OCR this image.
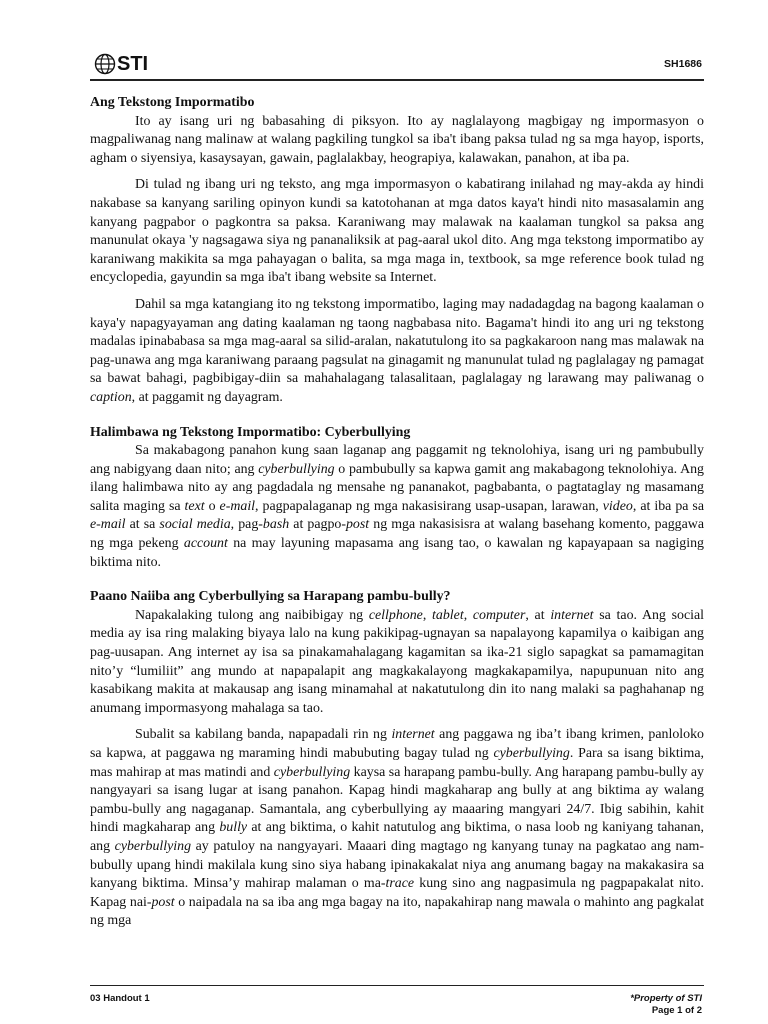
STI	SH1686
Ang Tekstong Impormatibo

Ito ay isang uri ng babasahing di piksyon. Ito ay naglalayong magbigay ng impormasyon o magpaliwanag nang malinaw at walang pagkiling tungkol sa iba't ibang paksa tulad ng sa mga hayop, isports, agham o siyensiya, kasaysayan, gawain, paglalakbay, heograpiya, kalawakan, panahon, at iba pa.

Di tulad ng ibang uri ng teksto, ang mga impormasyon o kabatirang inilahad ng may-akda ay hindi nakabase sa kanyang sariling opinyon kundi sa katotohanan at mga datos kaya't hindi nito masasalamin ang kanyang pagpabor o pagkontra sa paksa. Karaniwang may malawak na kaalaman tungkol sa paksa ang manunulat okaya 'y nagsagawa siya ng pananaliksik at pag-aaral ukol dito. Ang mga tekstong impormatibo ay karaniwang makikita sa mga pahayagan o balita, sa mga maga in, textbook, sa mge reference book tulad ng encyclopedia, gayundin sa mga iba't ibang website sa Internet.

Dahil sa mga katangiang ito ng tekstong impormatibo, laging may nadadagdag na bagong kaalaman o kaya'y napagyayaman ang dating kaalaman ng taong nagbabasa nito. Bagama't hindi ito ang uri ng tekstong madalas ipinababasa sa mga mag-aaral sa silid-aralan, nakatutulong ito sa pagkakaroon nang mas malawak na pag-unawa ang mga karaniwang paraang pagsulat na ginagamit ng manunulat tulad ng paglalagay ng pamagat sa bawat bahagi, pagbibigay-diin sa mahahalagang talasalitaan, paglalagay ng larawang may paliwanag o caption, at paggamit ng dayagram.

Halimbawa ng Tekstong Impormatibo: Cyberbullying

Sa makabagong panahon kung saan laganap ang paggamit ng teknolohiya, isang uri ng pambubully ang nabigyang daan nito; ang cyberbullying o pambubully sa kapwa gamit ang makabagong teknolohiya. Ang ilang halimbawa nito ay ang pagdadala ng mensahe ng pananakot, pagbabanta, o pagtataglay ng masamang salita maging sa text o e-mail, pagpapalaganap ng mga nakasisirang usap-usapan, larawan, video, at iba pa sa e-mail at sa social media, pag-bash at pagpo-post ng mga nakasisisra at walang basehang komento, paggawa ng mga pekeng account na may layuning mapasama ang isang tao, o kawalan ng kapayapaan sa nagiging biktima nito.

Paano Naiiba ang Cyberbullying sa Harapang pambu-bully?

Napakalaking tulong ang naibibigay ng cellphone, tablet, computer, at internet sa tao. Ang social media ay isa ring malaking biyaya lalo na kung pakikipag-ugnayan sa napalayong kapamilya o kaibigan ang pag-uusapan. Ang internet ay isa sa pinakamahalagang kagamitan sa ika-21 siglo sapagkat sa pamamagitan nito’y “lumiliit” ang mundo at napapalapit ang magkakalayong magkakapamilya, napupunuan nito ang kasabikang makita at makausap ang isang minamahal at nakatutulong din ito nang malaki sa paghahanap ng anumang impormasyong mahalaga sa tao.

Subalit sa kabilang banda, napapadali rin ng internet ang paggawa ng iba’t ibang krimen, panloloko sa kapwa, at paggawa ng maraming hindi mabubuting bagay tulad ng cyberbullying. Para sa isang biktima, mas mahirap at mas matindi and cyberbullying kaysa sa harapang pambu-bully. Ang harapang pambu-bully ay nangyayari sa isang lugar at isang panahon. Kapag hindi magkaharap ang bully at ang biktima ay walang pambu-bully ang nagaganap. Samantala, ang cyberbullying ay maaaring mangyari 24/7. Ibig sabihin, kahit hindi magkaharap ang bully at ang biktima, o kahit natutulog ang biktima, o nasa loob ng kaniyang tahanan, ang cyberbullying ay patuloy na nangyayari. Maaari ding magtago ng kanyang tunay na pagkatao ang nam-bubully upang hindi makilala kung sino siya habang ipinakakalat niya ang anumang bagay na makakasira sa kanyang biktima. Minsa’y mahirap malaman o ma-trace kung sino ang nagpasimula ng pagpapakalat nito. Kapag nai-post o naipadala na sa iba ang mga bagay na ito, napakahirap nang mawala o mahinto ang pagkalat ng mga

03 Handout 1	*Property of STI
Page 1 of 2
